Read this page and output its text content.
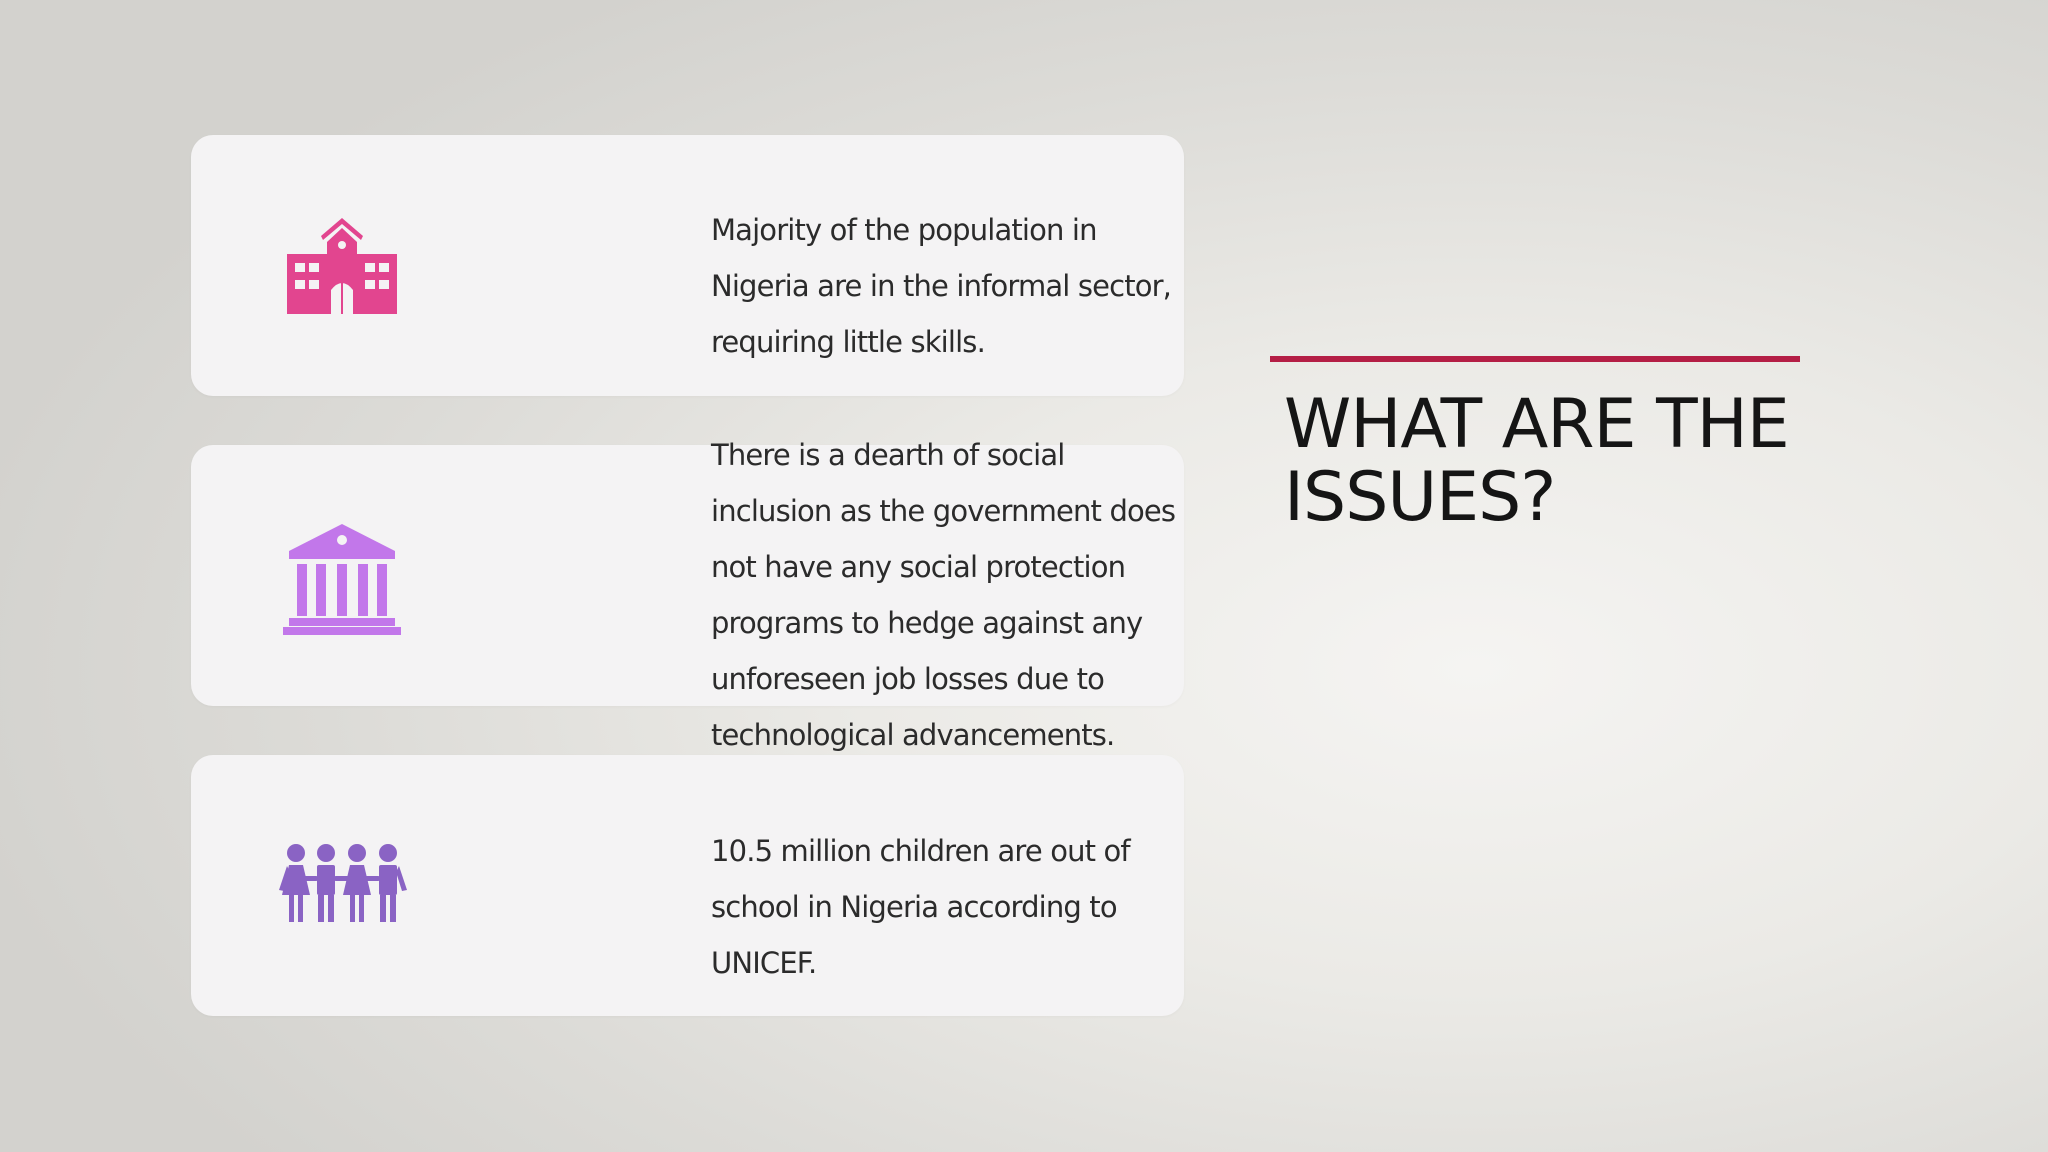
Majority of the population in Nigeria are in the informal sector, requiring little skills.

There is a dearth of social inclusion as the government does not have any social protection programs to hedge against any unforeseen job losses due to technological advancements.

10.5 million children are out of school in Nigeria according to UNICEF.

WHAT ARE THE
ISSUES?
